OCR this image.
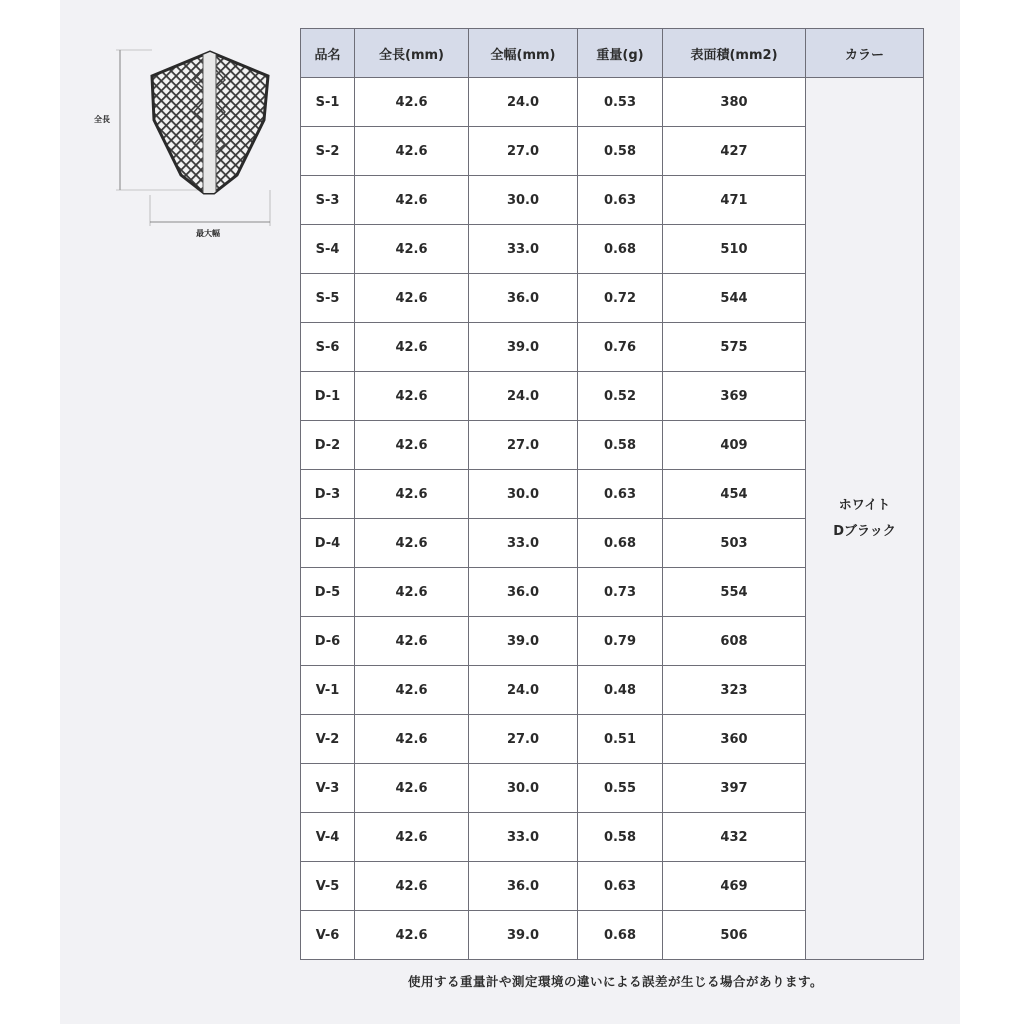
全長
最大幅
品名	全長(mm)	全幅(mm)	重量(g)	表面積(mm2)	カラー
S-1	42.6	24.0	0.53	380	ホワイト
Dブラック

S-2	42.6	27.0	0.58	427	
S-3	42.6	30.0	0.63	471	
S-4	42.6	33.0	0.68	510	
S-5	42.6	36.0	0.72	544	
S-6	42.6	39.0	0.76	575	
D-1	42.6	24.0	0.52	369	
D-2	42.6	27.0	0.58	409	
D-3	42.6	30.0	0.63	454	
D-4	42.6	33.0	0.68	503	
D-5	42.6	36.0	0.73	554	
D-6	42.6	39.0	0.79	608	
V-1	42.6	24.0	0.48	323	
V-2	42.6	27.0	0.51	360	
V-3	42.6	30.0	0.55	397	
V-4	42.6	33.0	0.58	432	
V-5	42.6	36.0	0.63	469	
V-6	42.6	39.0	0.68	506	
使用する重量計や測定環境の違いによる誤差が生じる場合があります。
